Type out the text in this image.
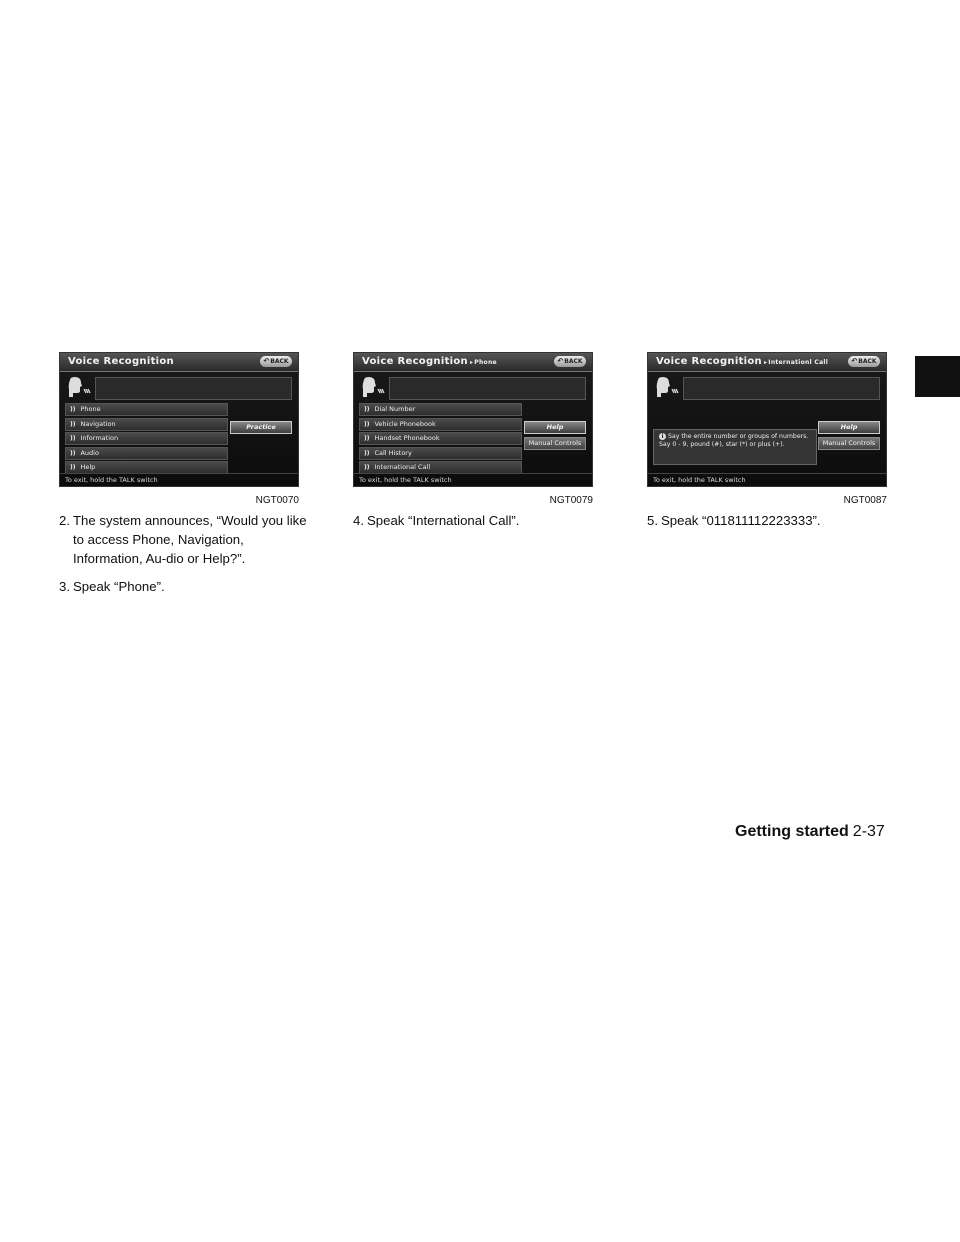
Voice Recognition	↶BACK
)) Phone
)) Navigation
)) Information
)) Audio
)) Help
Practice
To exit, hold the TALK switch
NGT0070
Voice Recognition ▸ Phone	↶BACK
)) Dial Number
)) Vehicle Phonebook
)) Handset Phonebook
)) Call History
)) International Call
Help
Manual Controls
To exit, hold the TALK switch
NGT0079
Voice Recognition ▸ Internationl Call	↶BACK
i Say the entire number or groups of numbers. Say 0 - 9, pound (#), star (*) or plus (+).
Help
Manual Controls
To exit, hold the TALK switch
NGT0087
2. The system announces, “Would you like to access Phone, Navigation, Information, Au-dio or Help?”.
3. Speak “Phone”.
4. Speak “International Call”.	5. Speak “011811112223333”.
Getting started 2-37
